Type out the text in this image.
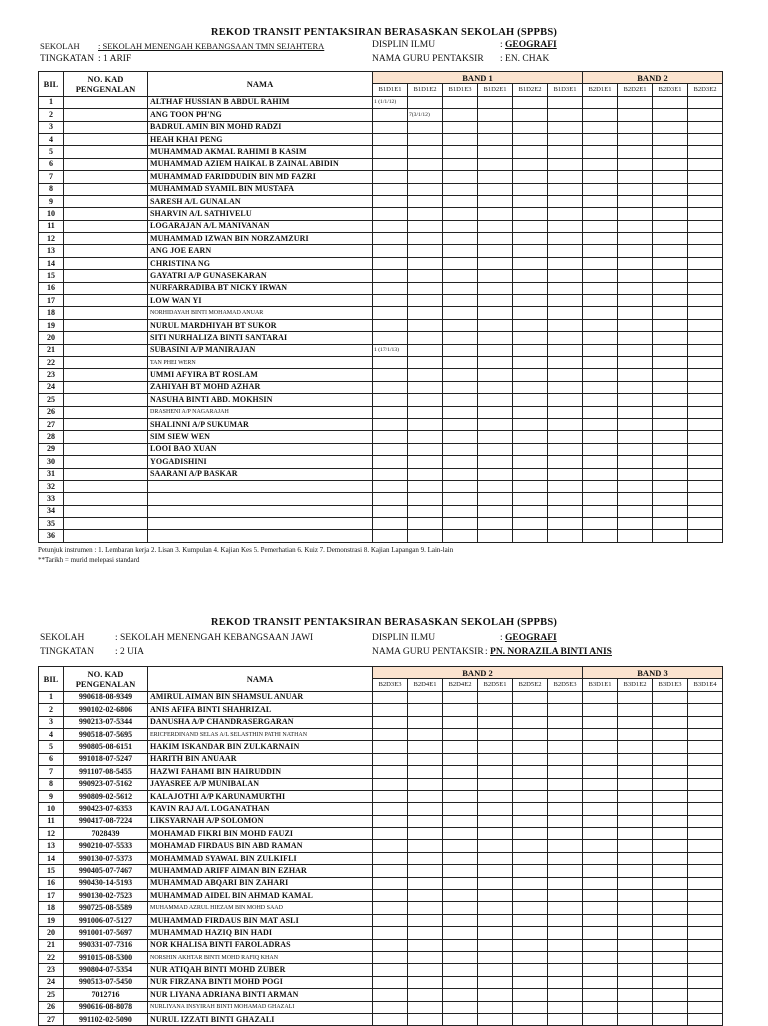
REKOD TRANSIT PENTAKSIRAN BERASASKAN SEKOLAH (SPPBS)
SEKOLAH : SEKOLAH MENENGAH KEBANGSAAN TMN SEJAHTERA	DISPLIN ILMU	: GEOGRAFI
TINGKATAN : 1 ARIF	NAMA GURU PENTAKSIR : EN. CHAK
BIL	NO. KAD PENGENALAN	NAMA	BAND 1						BAND 2			
			B1D1E1	B1D1E2	B1D1E3	B1D2E1	B1D2E2	B1D3E1	B2D1E1	B2D2E1	B2D3E1	B2D3E2
1		ALTHAF HUSSIAN B ABDUL RAHIM	1 (1/1/12)									
2		ANG TOON PH'NG		7(3/1/12)								
3		BADRUL AMIN BIN MOHD RADZI										
4		HEAH KHAI PENG										
5		MUHAMMAD AKMAL RAHIMI B KASIM										
6		MUHAMMAD AZIEM HAIKAL B ZAINAL ABIDIN										
7		MUHAMMAD FARIDDUDIN BIN MD FAZRI										
8		MUHAMMAD SYAMIL BIN MUSTAFA										
9		SARESH A/L GUNALAN										
10		SHARVIN A/L SATHIVELU										
11		LOGARAJAN A/L MANIVANAN										
12		MUHAMMAD IZWAN BIN NORZAMZURI										
13		ANG JOE EARN										
14		CHRISTINA NG										
15		GAYATRI A/P GUNASEKARAN										
16		NURFARRADIBA BT NICKY IRWAN										
17		LOW WAN YI										
18		NORHIDAYAH BINTI MOHAMAD ANUAR										
19		NURUL MARDHIYAH BT SUKOR										
20		SITI NURHALIZA BINTI SANTARAI										
21		SUBASINI A/P MANIRAJAN	1 (17/1/13)									
22		TAN PHEI WERN										
23		UMMI AFYIRA BT ROSLAM										
24		ZAHIYAH BT MOHD AZHAR										
25		NASUHA BINTI ABD. MOKHSIN										
26		DRASHENI A/P NAGARAJAH										
27		SHALINNI A/P SUKUMAR										
28		SIM SIEW WEN										
29		LOOI BAO XUAN										
30		YOGADISHINI										
31		SAARANI A/P BASKAR										
32												
33												
34												
35												
36												
Petunjuk instrumen : 1. Lembaran kerja 2. Lisan 3. Kumpulan 4. Kajian Kes 5. Pemerhatian 6. Kuiz 7. Demonstrasi 8. Kajian Lapangan 9. Lain-lain
**Tarikh = murid melepasi standard
REKOD TRANSIT PENTAKSIRAN BERASASKAN SEKOLAH (SPPBS)
SEKOLAH	: SEKOLAH MENENGAH KEBANGSAAN JAWI	DISPLIN ILMU	: GEOGRAFI
TINGKATAN : 2 UIA	NAMA GURU PENTAKSIR : PN. NORAZILA BINTI ANIS
BIL	NO. KAD PENGENALAN	NAMA	BAND 2						BAND 3			
			B2D3E3	B2D4E1	B2D4E2	B2D5E1	B2D5E2	B2D5E3	B3D1E1	B3D1E2	B3D1E3	B3D1E4
1	990618-08-9349	AMIRUL AIMAN BIN SHAMSUL ANUAR										
2	990102-02-6806	ANIS AFIFA BINTI SHAHRIZAL										
3	990213-07-5344	DANUSHA A/P CHANDRASERGARAN										
4	990518-07-5695	ERICFERDINAND SELAS A/L SELASTHIN PATHI NATHAN										
5	990805-08-6151	HAKIM ISKANDAR BIN ZULKARNAIN										
6	991018-07-5247	HARITH BIN ANUAAR										
7	991107-08-5455	HAZWI FAHAMI BIN HAIRUDDIN										
8	990923-07-5162	JAYASREE A/P MUNIBALAN										
9	990809-02-5612	KALAJOTHI A/P KARUNAMURTHI										
10	990423-07-6353	KAVIN RAJ A/L LOGANATHAN										
11	990417-08-7224	LIKSYARNAH A/P SOLOMON										
12	7028439	MOHAMAD FIKRI BIN MOHD FAUZI										
13	990210-07-5533	MOHAMAD FIRDAUS BIN ABD RAMAN										
14	990130-07-5373	MOHAMMAD SYAWAL BIN ZULKIFLI										
15	990405-07-7467	MUHAMMAD ARIFF AIMAN BIN EZHAR										
16	990430-14-5193	MUHAMMAD ABQARI BIN ZAHARI										
17	990130-02-7523	MUHAMMAD AIDEL BIN AHMAD KAMAL										
18	990725-08-5589	MUHAMMAD AZRUL HIEZAM BIN MOHD SAAD										
19	991006-07-5127	MUHAMMAD FIRDAUS BIN MAT ASLI										
20	991001-07-5697	MUHAMMAD HAZIQ BIN HADI										
21	990331-07-7316	NOR KHALISA BINTI FAROLADRAS										
22	991015-08-5300	NORSHIN AKHTAR BINTI MOHD RAFIQ KHAN										
23	990804-07-5354	NUR ATIQAH BINTI MOHD ZUBER										
24	990513-07-5450	NUR FIRZANA BINTI MOHD POGI										
25	7012716	NUR LIYANA ADRIANA BINTI ARMAN										
26	990616-08-8078	NURLIYANA INSYIRAH BINTI MOHAMAD GHAZALI										
27	991102-02-5090	NURUL IZZATI BINTI GHAZALI										
